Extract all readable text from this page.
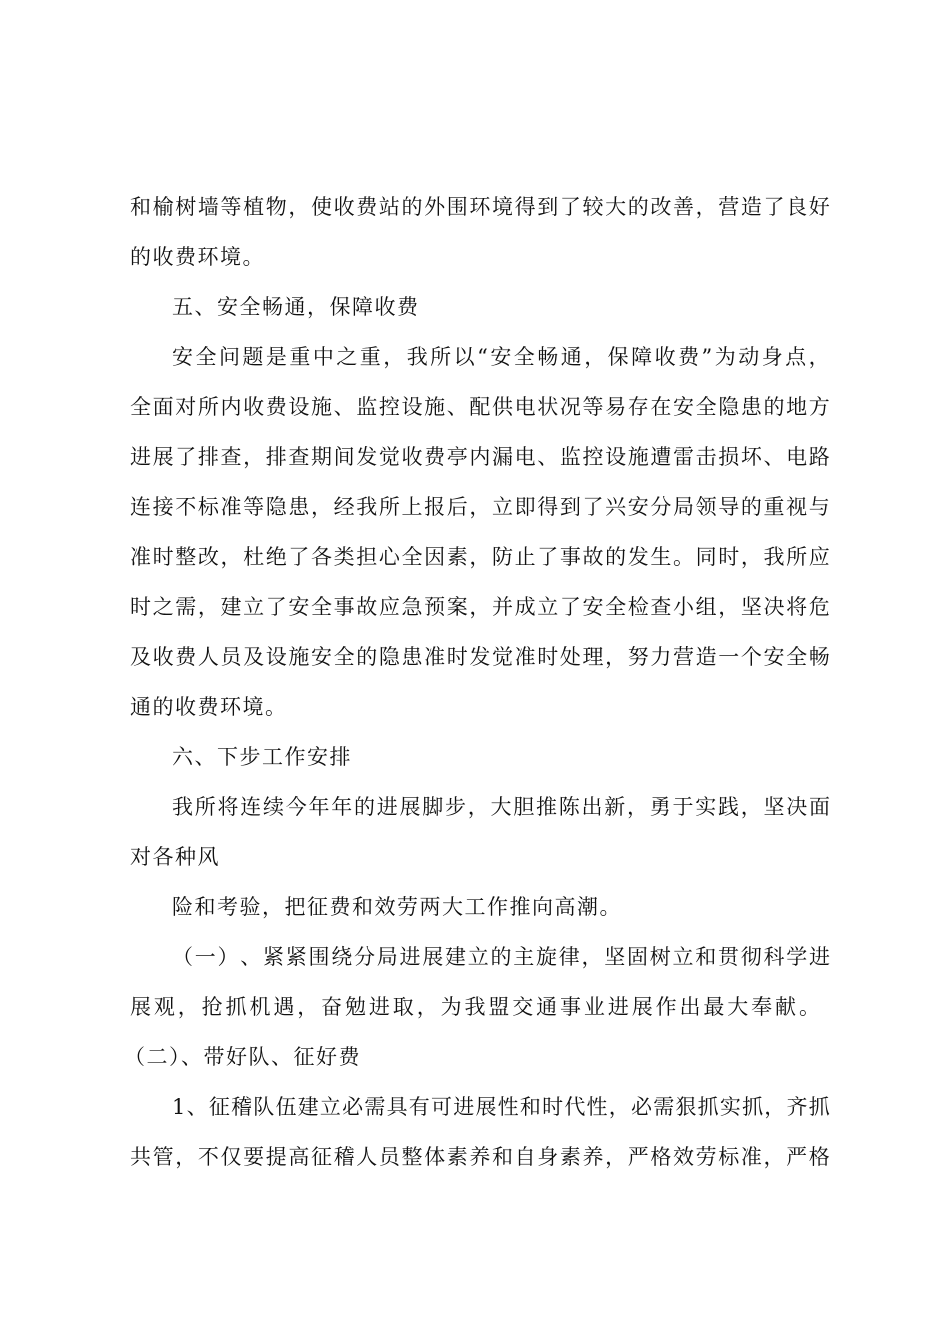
和 榆 树 墙 等 植 物 ， 使 收 费 站 的 外 围 环 境 得 到 了 较 大 的 改 善 ， 营 造 了 良 好
的收费环境。
五、安全畅通，保障收费
安 全 问 题 是 重 中 之 重 ， 我 所 以 “ 安 全 畅 通 ， 保 障 收 费 ” 为 动 身 点 ，
全 面 对 所 内 收 费 设 施 、 监 控 设 施 、 配 供 电 状 况 等 易 存 在 安 全 隐 患 的 地 方
进 展 了 排 查 ， 排 查 期 间 发 觉 收 费 亭 内 漏 电 、 监 控 设 施 遭 雷 击 损 坏 、 电 路
连 接 不 标 准 等 隐 患 ， 经 我 所 上 报 后 ， 立 即 得 到 了 兴 安 分 局 领 导 的 重 视 与
准 时 整 改 ， 杜 绝 了 各 类 担 心 全 因 素 ， 防 止 了 事 故 的 发 生 。 同 时 ， 我 所 应
时 之 需 ， 建 立 了 安 全 事 故 应 急 预 案 ， 并 成 立 了 安 全 检 查 小 组 ， 坚 决 将 危
及 收 费 人 员 及 设 施 安 全 的 隐 患 准 时 发 觉 准 时 处 理 ， 努 力 营 造 一 个 安 全 畅
通的收费环境。
六、下步工作安排
我 所 将 连 续 今 年 年 的 进 展 脚 步 ， 大 胆 推 陈 出 新 ， 勇 于 实 践 ， 坚 决 面
对各种风
险和考验，把征费和效劳两大工作推向高潮。
（ 一 ） 、 紧 紧 围 绕 分 局 进 展 建 立 的 主 旋 律 ， 坚 固 树 立 和 贯 彻 科 学 进
展 观 ， 抢 抓 机 遇 ， 奋 勉 进 取 ， 为 我 盟 交 通 事 业 进 展 作 出 最 大 奉 献 。
（二）、带好队、征好费
1 、 征 稽 队 伍 建 立 必 需 具 有 可 进 展 性 和 时 代 性 ， 必 需 狠 抓 实 抓 ， 齐 抓
共 管 ， 不 仅 要 提 高 征 稽 人 员 整 体 素 养 和 自 身 素 养 ， 严 格 效 劳 标 准 ， 严 格
